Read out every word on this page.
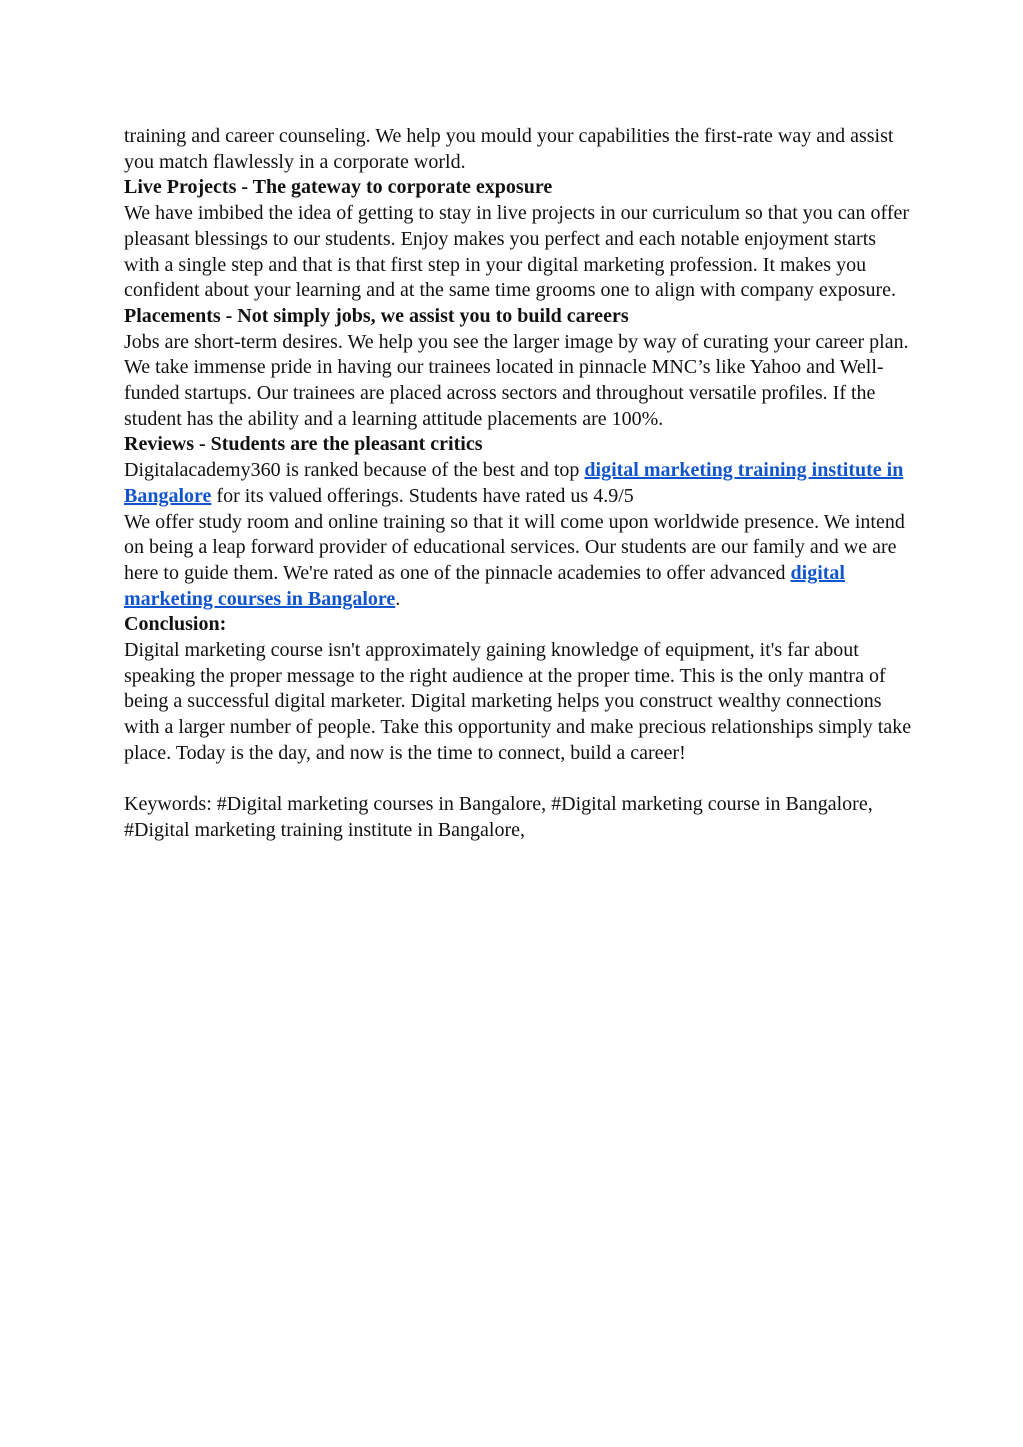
training and career counseling. We help you mould your capabilities the first-rate way and assist you match flawlessly in a corporate world.

Live Projects - The gateway to corporate exposure

We have imbibed the idea of getting to stay in live projects in our curriculum so that you can offer pleasant blessings to our students. Enjoy makes you perfect and each notable enjoyment starts with a single step and that is that first step in your digital marketing profession. It makes you confident about your learning and at the same time grooms one to align with company exposure.

Placements - Not simply jobs, we assist you to build careers

Jobs are short-term desires. We help you see the larger image by way of curating your career plan. We take immense pride in having our trainees located in pinnacle MNC’s like Yahoo and Well-funded startups. Our trainees are placed across sectors and throughout versatile profiles. If the student has the ability and a learning attitude placements are 100%.

Reviews - Students are the pleasant critics

Digitalacademy360 is ranked because of the best and top digital marketing training institute in Bangalore for its valued offerings. Students have rated us 4.9/5

We offer study room and online training so that it will come upon worldwide presence. We intend on being a leap forward provider of educational services. Our students are our family and we are here to guide them. We're rated as one of the pinnacle academies to offer advanced digital marketing courses in Bangalore.

Conclusion:

Digital marketing course isn't approximately gaining knowledge of equipment, it's far about speaking the proper message to the right audience at the proper time. This is the only mantra of being a successful digital marketer. Digital marketing helps you construct wealthy connections with a larger number of people. Take this opportunity and make precious relationships simply take place. Today is the day, and now is the time to connect, build a career!

Keywords: #Digital marketing courses in Bangalore, #Digital marketing course in Bangalore, #Digital marketing training institute in Bangalore,
